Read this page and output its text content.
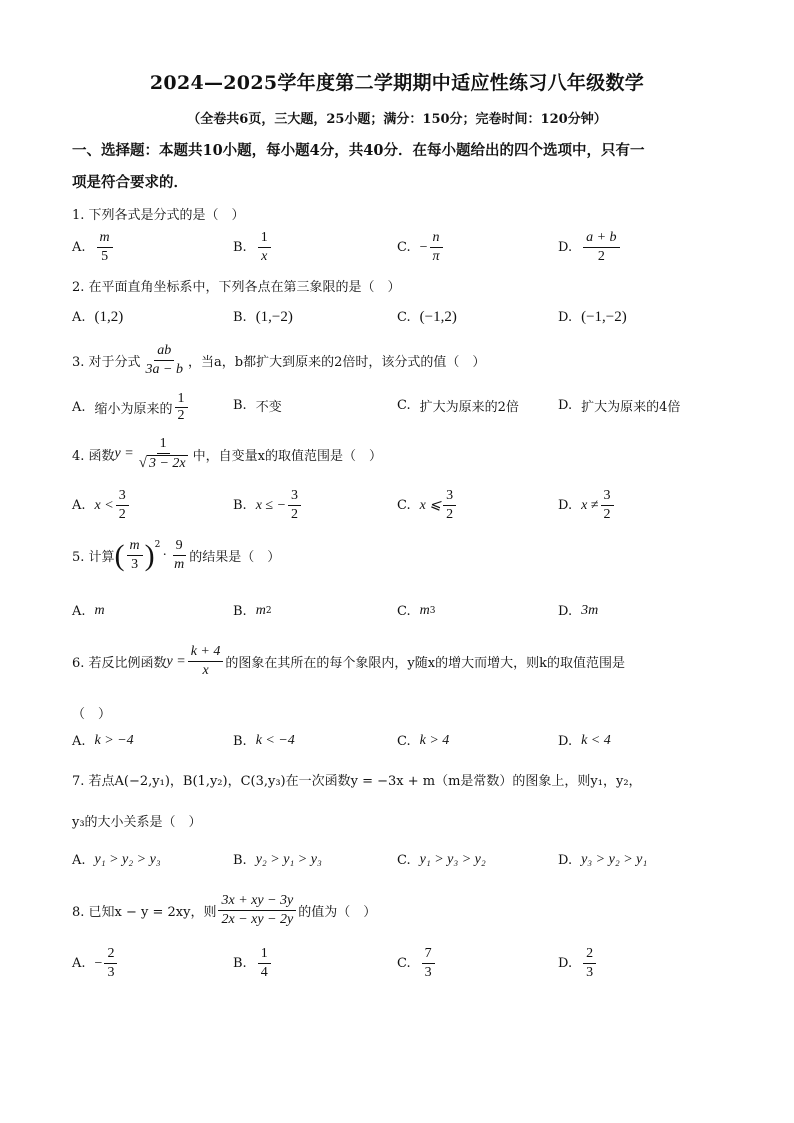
2024—2025学年度第二学期期中适应性练习八年级数学
（全卷共6页，三大题，25小题；满分：150分；完卷时间：120分钟）
一、选择题：本题共10小题，每小题4分，共40分．在每小题给出的四个选项中，只有一
项是符合要求的．
1. 下列各式是分式的是（　）
A. $\frac{m}{5}$	B. $\frac{1}{x}$	C. − $\frac{n}{\pi}$	D. $\frac{a + b}{2}$
2. 在平面直角坐标系中，下列各点在第三象限的是（　）
A. (1,2)	B. (1,−2)	C. (−1,2)	D. (−1,−2)
3. 对于分式 $\frac{ab}{3a - b}$ ，当a，b都扩大到原来的2倍时，该分式的值（　）
A. 缩小为原来的 $\frac{1}{2}$	B. 不变	C. 扩大为原来的2倍	D. 扩大为原来的4倍
4. 函数 $y = \frac{1}{√ 3 - 2x}$ 中，自变量x的取值范围是（　）
A. $x < \frac{3}{2}$	B. x ≤ − $\frac{3}{2}$	C. x ⩽ $\frac{3}{2}$	D. $x \ne \frac{3}{2}$
5. 计算 ( $\frac{m}{3}$ ) 2
· $\frac{9}{m}$ 的结果是（　）
A. m	B. m 2	C. m 3	D. 3m
6. 若反比例函数 $y = \frac{k + 4}{x}$ 的图象在其所在的每个象限内，y随x的增大而增大，则k的取值范围是
（　）
A. k > −4	B. k < −4	C. k > 4	D. k < 4
7. 若点A(−2,y₁)，B(1,y₂)，C(3,y₃)在一次函数y = −3x + m（m是常数）的图象上，则y₁，y₂，
y₃的大小关系是（　）
A. y₁ > y₂ > y₃	B. y₂ > y₁ > y₃	C. y₁ > y₃ > y₂	D. y₃ > y₂ > y₁
8. 已知x − y = 2xy，则 $\frac{3x + xy - 3y}{2x - xy - 2y}$ 的值为（　）
A. − $\frac{2}{3}$	B. $\frac{1}{4}$	C. $\frac{7}{3}$	D. $\frac{2}{3}$
